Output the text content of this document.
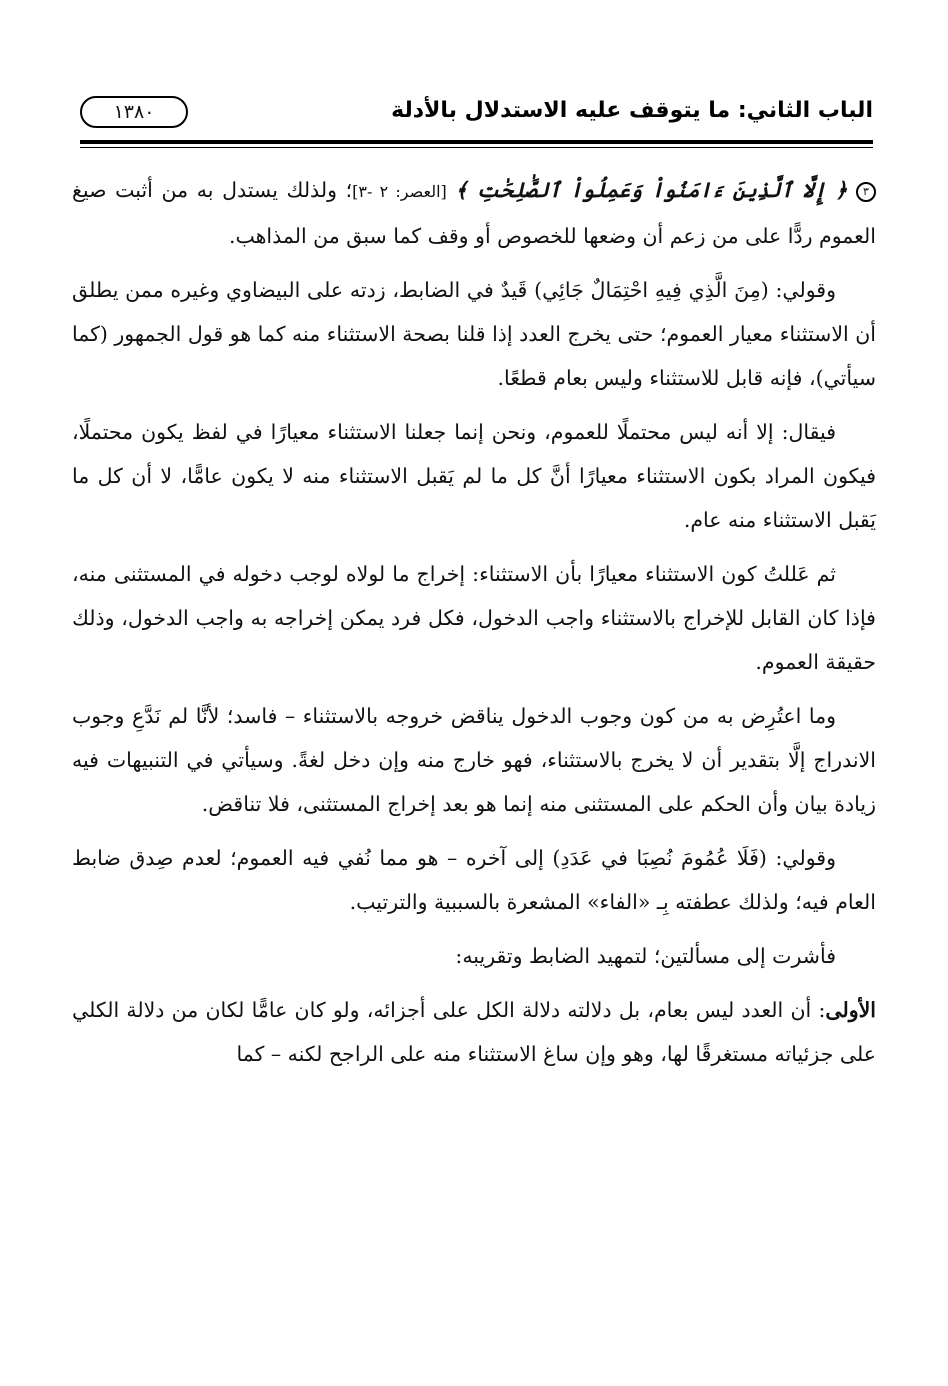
الباب الثاني: ما يتوقف عليه الاستدلال بالأدلة
١٣٨٠

٣ ﴿ إِلَّا ٱلَّذِينَ ءَامَنُواْ وَعَمِلُواْ ٱلصَّٰلِحَٰتِ ﴾ [العصر: ٢ -٣]؛ ولذلك يستدل به من أثبت صيغ العموم ردًّا على من زعم أن وضعها للخصوص أو وقف كما سبق من المذاهب.

وقولي: (مِنَ الَّذِي فِيهِ احْتِمَالٌ جَائِي) قَيدٌ في الضابط، زدته على البيضاوي وغيره ممن يطلق أن الاستثناء معيار العموم؛ حتى يخرج العدد إذا قلنا بصحة الاستثناء منه كما هو قول الجمهور (كما سيأتي)، فإنه قابل للاستثناء وليس بعام قطعًا.

فيقال: إلا أنه ليس محتملًا للعموم، ونحن إنما جعلنا الاستثناء معيارًا في لفظ يكون محتملًا، فيكون المراد بكون الاستثناء معيارًا أنَّ كل ما لم يَقبل الاستثناء منه لا يكون عامًّا، لا أن كل ما يَقبل الاستثناء منه عام.

ثم عَللتُ كون الاستثناء معيارًا بأن الاستثناء: إخراج ما لولاه لوجب دخوله في المستثنى منه، فإذا كان القابل للإخراج بالاستثناء واجب الدخول، فكل فرد يمكن إخراجه به واجب الدخول، وذلك حقيقة العموم.

وما اعتُرِض به من كون وجوب الدخول يناقض خروجه بالاستثناء – فاسد؛ لأنَّا لم نَدَّعِ وجوب الاندراج إلَّا بتقدير أن لا يخرج بالاستثناء، فهو خارج منه وإن دخل لغةً. وسيأتي في التنبيهات فيه زيادة بيان وأن الحكم على المستثنى منه إنما هو بعد إخراج المستثنى، فلا تناقض.

وقولي: (فَلَا عُمُومَ نُصِبَا في عَدَدِ) إلى آخره – هو مما نُفي فيه العموم؛ لعدم صِدق ضابط العام فيه؛ ولذلك عطفته بِـ «الفاء» المشعرة بالسببية والترتيب.

فأشرت إلى مسألتين؛ لتمهيد الضابط وتقريبه:

الأولى: أن العدد ليس بعام، بل دلالته دلالة الكل على أجزائه، ولو كان عامًّا لكان من دلالة الكلي على جزئياته مستغرقًا لها، وهو وإن ساغ الاستثناء منه على الراجح لكنه – كما
